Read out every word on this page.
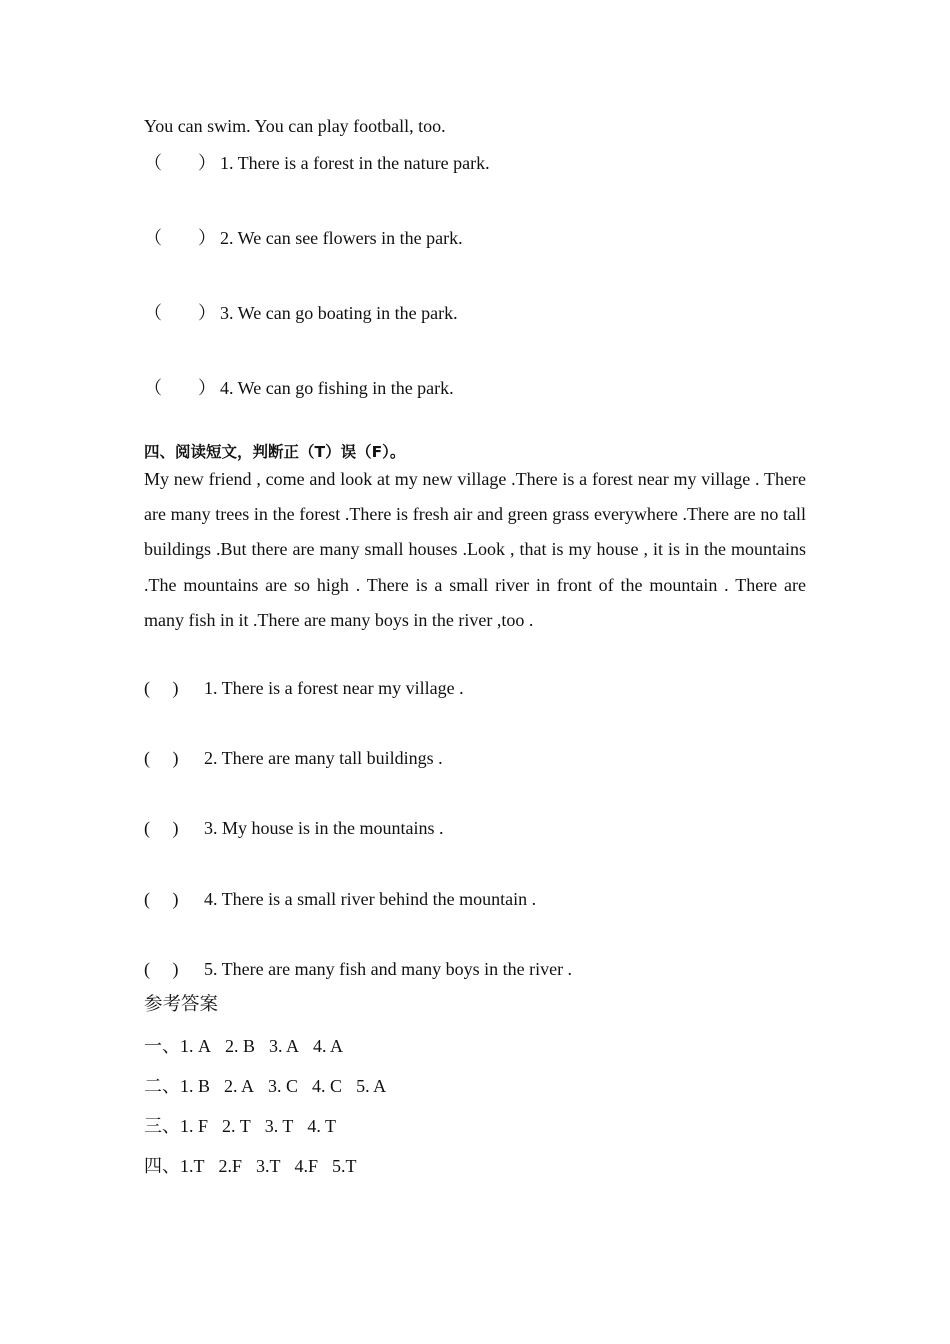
You can swim. You can play football, too.
（　　） 1. There is a forest in the nature park.
（　　） 2. We can see flowers in the park.
（　　） 3. We can go boating in the park.
（　　） 4. We can go fishing in the park.
四、阅读短文，判断正（T）误（F）。

My new friend , come and look at my new village .There is a forest near my village . There are many trees in the forest .There is fresh air and green grass everywhere .There are no tall buildings .But there are many small houses .Look , that is my house , it is in the mountains .The mountains are so high . There is a small river in front of the mountain . There are many fish in it .There are many boys in the river ,too .

(　 ) 1. There is a forest near my village .
(　 ) 2. There are many tall buildings .
(　 ) 3. My house is in the mountains .
(　 ) 4. There is a small river behind the mountain .
(　 ) 5. There are many fish and many boys in the river .
参考答案
一、1. A 2. B 3. A 4. A
二、1. B 2. A 3. C 4. C 5. A
三、1. F 2. T 3. T 4. T
四、1.T 2.F 3.T 4.F 5.T
